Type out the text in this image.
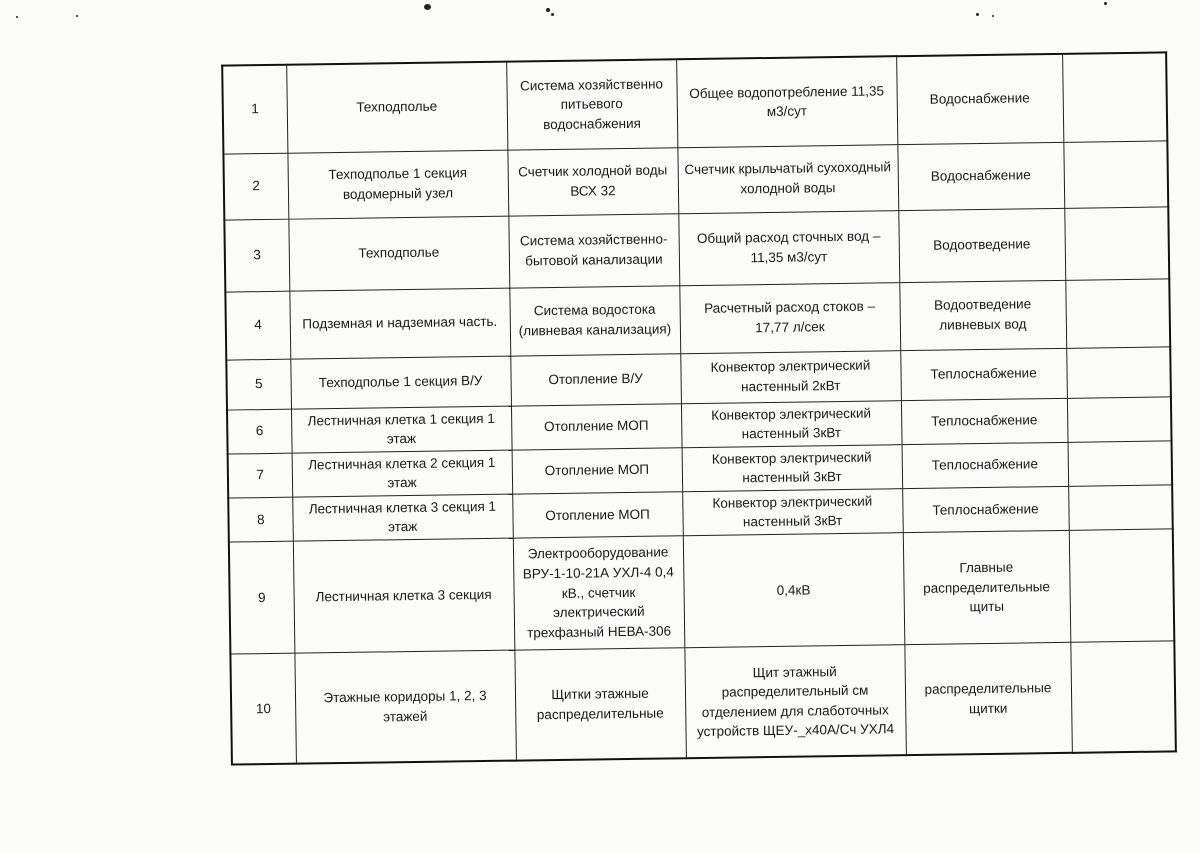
1	Техподполье	Система хозяйственно питьевого водоснабжения	Общее водопотребление 11,35 м3/сут	Водоснабжение	
2	Техподполье 1 секция водомерный узел	Счетчик холодной воды ВСХ 32	Счетчик крыльчатый сухоходный холодной воды	Водоснабжение	
3	Техподполье	Система хозяйственно-бытовой канализации	Общий расход сточных вод – 11,35 м3/сут	Водоотведение	
4	Подземная и надземная часть.	Система водостока (ливневая канализация)	Расчетный расход стоков – 17,77 л/сек	Водоотведение ливневых вод	
5	Техподполье 1 секция В/У	Отопление В/У	Конвектор электрический настенный 2кВт	Теплоснабжение	
6	Лестничная клетка 1 секция 1 этаж	Отопление МОП	Конвектор электрический настенный 3кВт	Теплоснабжение	
7	Лестничная клетка 2 секция 1 этаж	Отопление МОП	Конвектор электрический настенный 3кВт	Теплоснабжение	
8	Лестничная клетка 3 секция 1 этаж	Отопление МОП	Конвектор электрический настенный 3кВт	Теплоснабжение	
9	Лестничная клетка 3 секция	Электрооборудование ВРУ-1-10-21А УХЛ-4 0,4 кВ., счетчик электрический трехфазный НЕВА-306	0,4кВ	Главные распределительные щиты	
10	Этажные коридоры 1, 2, 3 этажей	Щитки этажные распределительные	Щит этажный распределительный см отделением для слаботочных устройств ЩЕУ-_х40А/Сч УХЛ4	распределительные щитки	
